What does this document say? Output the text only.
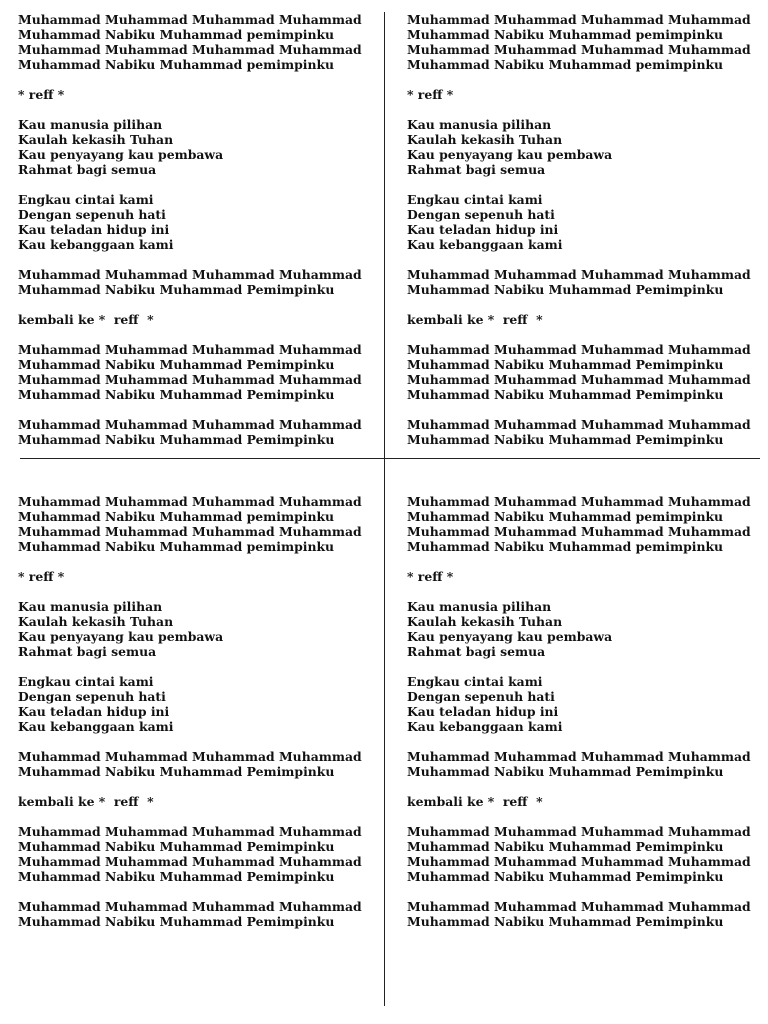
Muhammad Muhammad Muhammad Muhammad
Muhammad Nabiku Muhammad pemimpinku
Muhammad Muhammad Muhammad Muhammad
Muhammad Nabiku Muhammad pemimpinku
* reff *
Kau manusia pilihan
Kaulah kekasih Tuhan
Kau penyayang kau pembawa
Rahmat bagi semua
Engkau cintai kami
Dengan sepenuh hati
Kau teladan hidup ini
Kau kebanggaan kami
Muhammad Muhammad Muhammad Muhammad
Muhammad Nabiku Muhammad Pemimpinku
kembali ke *  reff  *
Muhammad Muhammad Muhammad Muhammad
Muhammad Nabiku Muhammad Pemimpinku
Muhammad Muhammad Muhammad Muhammad
Muhammad Nabiku Muhammad Pemimpinku
Muhammad Muhammad Muhammad Muhammad
Muhammad Nabiku Muhammad Pemimpinku
Muhammad Muhammad Muhammad Muhammad
Muhammad Nabiku Muhammad pemimpinku
Muhammad Muhammad Muhammad Muhammad
Muhammad Nabiku Muhammad pemimpinku
* reff *
Kau manusia pilihan
Kaulah kekasih Tuhan
Kau penyayang kau pembawa
Rahmat bagi semua
Engkau cintai kami
Dengan sepenuh hati
Kau teladan hidup ini
Kau kebanggaan kami
Muhammad Muhammad Muhammad Muhammad
Muhammad Nabiku Muhammad Pemimpinku
kembali ke *  reff  *
Muhammad Muhammad Muhammad Muhammad
Muhammad Nabiku Muhammad Pemimpinku
Muhammad Muhammad Muhammad Muhammad
Muhammad Nabiku Muhammad Pemimpinku
Muhammad Muhammad Muhammad Muhammad
Muhammad Nabiku Muhammad Pemimpinku
Muhammad Muhammad Muhammad Muhammad
Muhammad Nabiku Muhammad pemimpinku
Muhammad Muhammad Muhammad Muhammad
Muhammad Nabiku Muhammad pemimpinku
* reff *
Kau manusia pilihan
Kaulah kekasih Tuhan
Kau penyayang kau pembawa
Rahmat bagi semua
Engkau cintai kami
Dengan sepenuh hati
Kau teladan hidup ini
Kau kebanggaan kami
Muhammad Muhammad Muhammad Muhammad
Muhammad Nabiku Muhammad Pemimpinku
kembali ke *  reff  *
Muhammad Muhammad Muhammad Muhammad
Muhammad Nabiku Muhammad Pemimpinku
Muhammad Muhammad Muhammad Muhammad
Muhammad Nabiku Muhammad Pemimpinku
Muhammad Muhammad Muhammad Muhammad
Muhammad Nabiku Muhammad Pemimpinku
Muhammad Muhammad Muhammad Muhammad
Muhammad Nabiku Muhammad pemimpinku
Muhammad Muhammad Muhammad Muhammad
Muhammad Nabiku Muhammad pemimpinku
* reff *
Kau manusia pilihan
Kaulah kekasih Tuhan
Kau penyayang kau pembawa
Rahmat bagi semua
Engkau cintai kami
Dengan sepenuh hati
Kau teladan hidup ini
Kau kebanggaan kami
Muhammad Muhammad Muhammad Muhammad
Muhammad Nabiku Muhammad Pemimpinku
kembali ke *  reff  *
Muhammad Muhammad Muhammad Muhammad
Muhammad Nabiku Muhammad Pemimpinku
Muhammad Muhammad Muhammad Muhammad
Muhammad Nabiku Muhammad Pemimpinku
Muhammad Muhammad Muhammad Muhammad
Muhammad Nabiku Muhammad Pemimpinku
